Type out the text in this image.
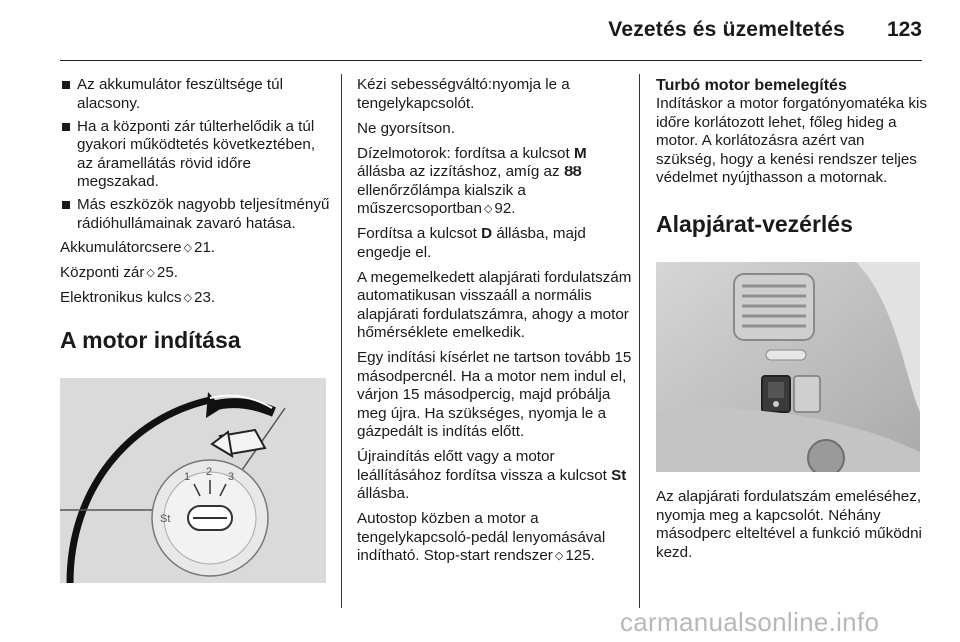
Vezetés és üzemeltetés	123
Az akkumulátor feszültsége túl alacsony.
Ha a központi zár túlterhelődik a túl gyakori működtetés következtében, az áramellátás rövid időre megszakad.
Más eszközök nagyobb teljesítményű rádióhullámainak zavaró hatása.

Akkumulátorcsere ◇ 21.

Központi zár ◇ 25.

Elektronikus kulcs ◇ 23.

A motor indítása
1 2 3
St

Kézi sebességváltó:nyomja le a tengelykapcsolót.

Ne gyorsítson.

Dízelmotorok: fordítsa a kulcsot M állásba az izzításhoz, amíg az ȢȢ ellenőrzőlámpa kialszik a műszercsoportban ◇ 92.

Fordítsa a kulcsot D állásba, majd engedje el.

A megemelkedett alapjárati fordulatszám automatikusan visszaáll a normális alapjárati fordulatszámra, ahogy a motor hőmérséklete emelkedik.

Egy indítási kísérlet ne tartson tovább 15 másodpercnél. Ha a motor nem indul el, várjon 15 másodpercig, majd próbálja meg újra. Ha szükséges, nyomja le a gázpedált is indítás előtt.

Újraindítás előtt vagy a motor leállításához fordítsa vissza a kulcsot St állásba.

Autostop közben a motor a tengelykapcsoló-pedál lenyomásával indítható. Stop-start rendszer ◇ 125.

Turbó motor bemelegítés

Indításkor a motor forgatónyomatéka kis időre korlátozott lehet, főleg hideg a motor. A korlátozásra azért van szükség, hogy a kenési rendszer teljes védelmet nyújthasson a motornak.

Alapjárat-vezérlés

Az alapjárati fordulatszám emeléséhez, nyomja meg a kapcsolót. Néhány másodperc elteltével a funkció működni kezd.

carmanualsonline.info
